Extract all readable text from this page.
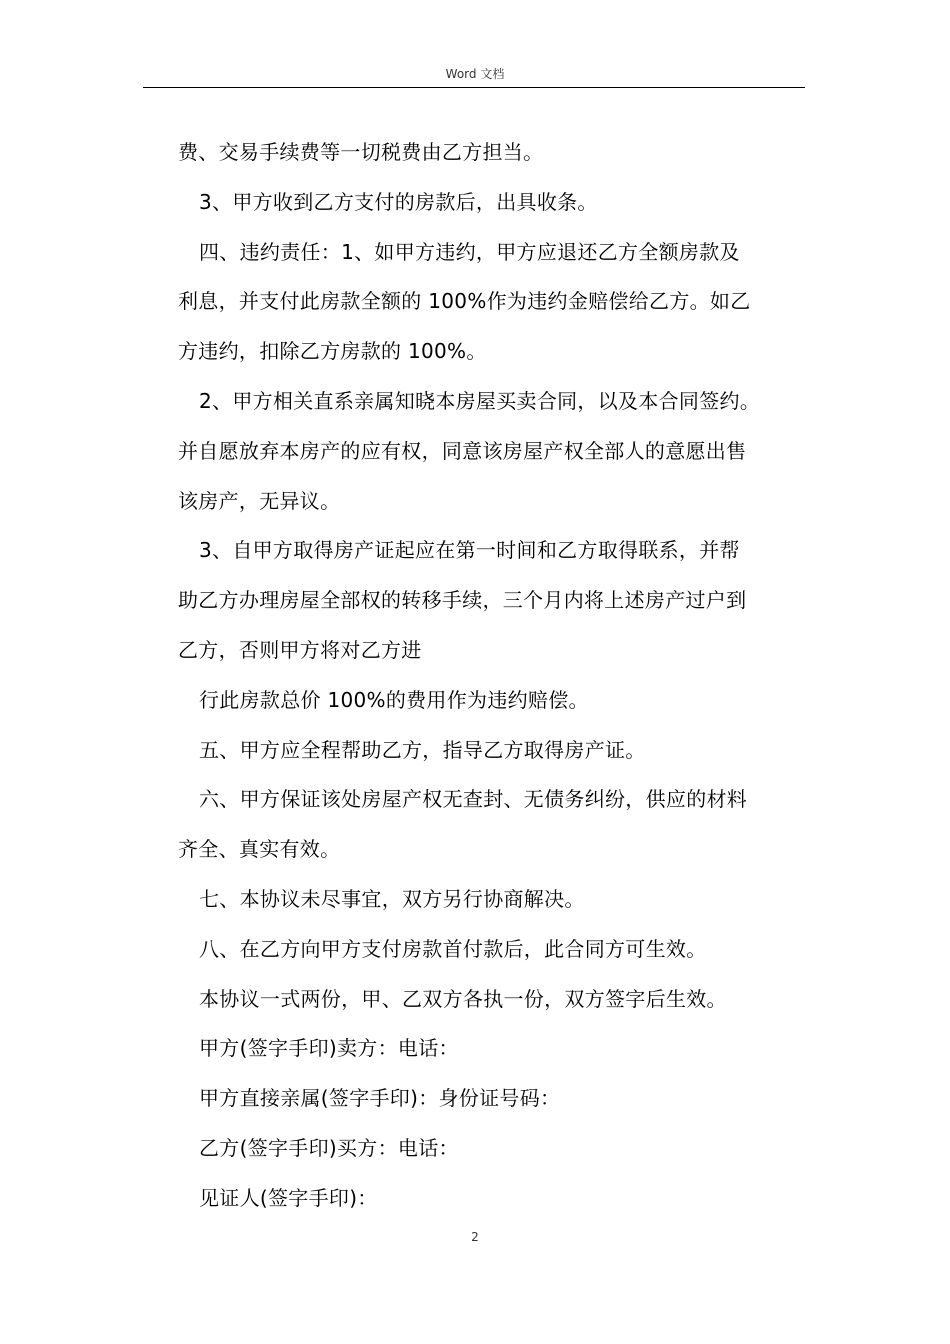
Word 文档
费、交易手续费等一切税费由乙方担当。
3、甲方收到乙方支付的房款后，出具收条。
四、违约责任：1、如甲方违约，甲方应退还乙方全额房款及
利息，并支付此房款全额的 100%作为违约金赔偿给乙方。如乙
方违约，扣除乙方房款的 100%。
2、甲方相关直系亲属知晓本房屋买卖合同，以及本合同签约。
并自愿放弃本房产的应有权，同意该房屋产权全部人的意愿出售
该房产，无异议。
3、自甲方取得房产证起应在第一时间和乙方取得联系，并帮
助乙方办理房屋全部权的转移手续，三个月内将上述房产过户到
乙方，否则甲方将对乙方进
行此房款总价 100%的费用作为违约赔偿。
五、甲方应全程帮助乙方，指导乙方取得房产证。
六、甲方保证该处房屋产权无查封、无债务纠纷，供应的材料
齐全、真实有效。
七、本协议未尽事宜，双方另行协商解决。
八、在乙方向甲方支付房款首付款后，此合同方可生效。
本协议一式两份，甲、乙双方各执一份，双方签字后生效。
甲方(签字手印)卖方：电话：
甲方直接亲属(签字手印)：身份证号码：
乙方(签字手印)买方：电话：
见证人(签字手印)：
2
